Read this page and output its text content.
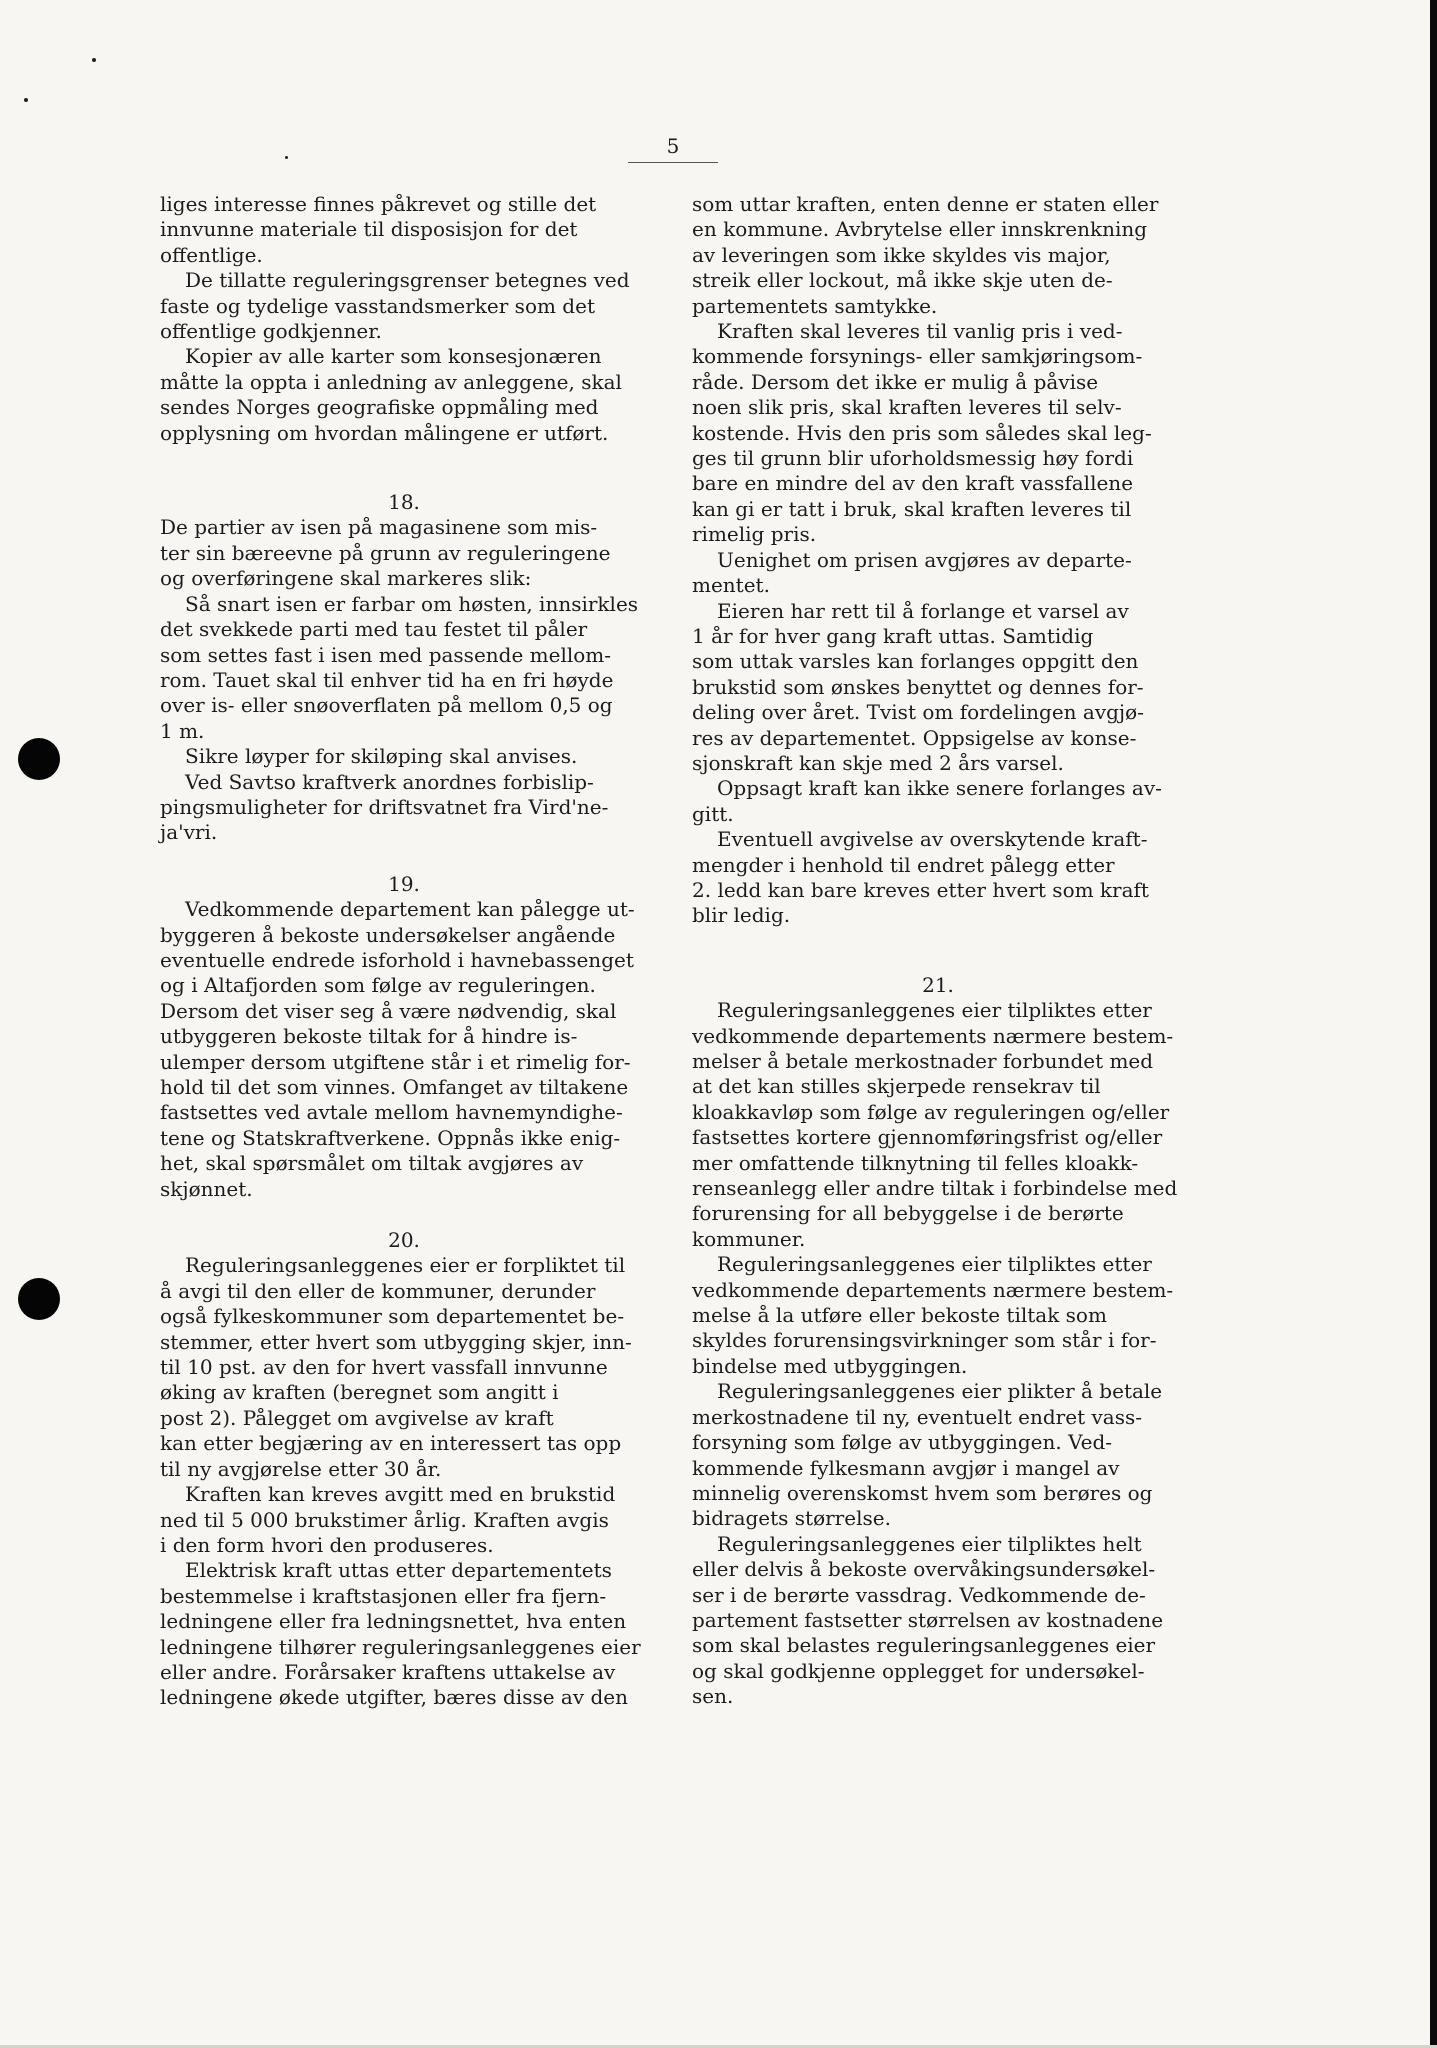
5

liges interesse finnes påkrevet og stille det
innvunne materiale til disposisjon for det
offentlige.

De tillatte reguleringsgrenser betegnes ved
faste og tydelige vasstandsmerker som det
offentlige godkjenner.

Kopier av alle karter som konsesjonæren
måtte la oppta i anledning av anleggene, skal
sendes Norges geografiske oppmåling med
opplysning om hvordan målingene er utført.

18.

De partier av isen på magasinene som mis-
ter sin bæreevne på grunn av reguleringene
og overføringene skal markeres slik:

Så snart isen er farbar om høsten, innsirkles
det svekkede parti med tau festet til påler
som settes fast i isen med passende mellom-
rom. Tauet skal til enhver tid ha en fri høyde
over is- eller snøoverflaten på mellom 0,5 og
1 m.

Sikre løyper for skiløping skal anvises.

Ved Savtso kraftverk anordnes forbislip-
pingsmuligheter for driftsvatnet fra Vird'ne-
ja'vri.

19.

Vedkommende departement kan pålegge ut-
byggeren å bekoste undersøkelser angående
eventuelle endrede isforhold i havnebassenget
og i Altafjorden som følge av reguleringen.
Dersom det viser seg å være nødvendig, skal
utbyggeren bekoste tiltak for å hindre is-
ulemper dersom utgiftene står i et rimelig for-
hold til det som vinnes. Omfanget av tiltakene
fastsettes ved avtale mellom havnemyndighe-
tene og Statskraftverkene. Oppnås ikke enig-
het, skal spørsmålet om tiltak avgjøres av
skjønnet.

20.

Reguleringsanleggenes eier er forpliktet til
å avgi til den eller de kommuner, derunder
også fylkeskommuner som departementet be-
stemmer, etter hvert som utbygging skjer, inn-
til 10 pst. av den for hvert vassfall innvunne
øking av kraften (beregnet som angitt i
post 2). Pålegget om avgivelse av kraft
kan etter begjæring av en interessert tas opp
til ny avgjørelse etter 30 år.

Kraften kan kreves avgitt med en brukstid
ned til 5 000 brukstimer årlig. Kraften avgis
i den form hvori den produseres.

Elektrisk kraft uttas etter departementets
bestemmelse i kraftstasjonen eller fra fjern-
ledningene eller fra ledningsnettet, hva enten
ledningene tilhører reguleringsanleggenes eier
eller andre. Forårsaker kraftens uttakelse av
ledningene økede utgifter, bæres disse av den

som uttar kraften, enten denne er staten eller
en kommune. Avbrytelse eller innskrenkning
av leveringen som ikke skyldes vis major,
streik eller lockout, må ikke skje uten de-
partementets samtykke.

Kraften skal leveres til vanlig pris i ved-
kommende forsynings- eller samkjøringsom-
råde. Dersom det ikke er mulig å påvise
noen slik pris, skal kraften leveres til selv-
kostende. Hvis den pris som således skal leg-
ges til grunn blir uforholdsmessig høy fordi
bare en mindre del av den kraft vassfallene
kan gi er tatt i bruk, skal kraften leveres til
rimelig pris.

Uenighet om prisen avgjøres av departe-
mentet.

Eieren har rett til å forlange et varsel av
1 år for hver gang kraft uttas. Samtidig
som uttak varsles kan forlanges oppgitt den
brukstid som ønskes benyttet og dennes for-
deling over året. Tvist om fordelingen avgjø-
res av departementet. Oppsigelse av konse-
sjonskraft kan skje med 2 års varsel.

Oppsagt kraft kan ikke senere forlanges av-
gitt.

Eventuell avgivelse av overskytende kraft-
mengder i henhold til endret pålegg etter
2. ledd kan bare kreves etter hvert som kraft
blir ledig.

21.

Reguleringsanleggenes eier tilpliktes etter
vedkommende departements nærmere bestem-
melser å betale merkostnader forbundet med
at det kan stilles skjerpede rensekrav til
kloakkavløp som følge av reguleringen og/eller
fastsettes kortere gjennomføringsfrist og/eller
mer omfattende tilknytning til felles kloakk-
renseanlegg eller andre tiltak i forbindelse med
forurensing for all bebyggelse i de berørte
kommuner.

Reguleringsanleggenes eier tilpliktes etter
vedkommende departements nærmere bestem-
melse å la utføre eller bekoste tiltak som
skyldes forurensingsvirkninger som står i for-
bindelse med utbyggingen.

Reguleringsanleggenes eier plikter å betale
merkostnadene til ny, eventuelt endret vass-
forsyning som følge av utbyggingen. Ved-
kommende fylkesmann avgjør i mangel av
minnelig overenskomst hvem som berøres og
bidragets størrelse.

Reguleringsanleggenes eier tilpliktes helt
eller delvis å bekoste overvåkingsundersøkel-
ser i de berørte vassdrag. Vedkommende de-
partement fastsetter størrelsen av kostnadene
som skal belastes reguleringsanleggenes eier
og skal godkjenne opplegget for undersøkel-
sen.
